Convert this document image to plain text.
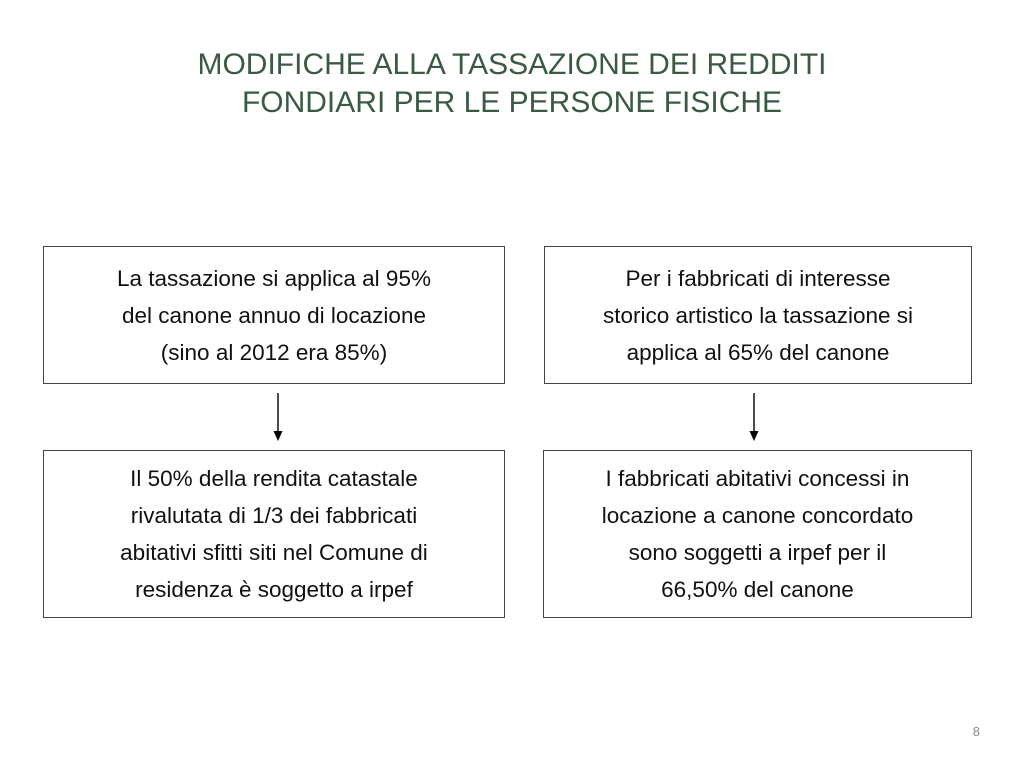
MODIFICHE ALLA TASSAZIONE DEI REDDITI
FONDIARI PER LE PERSONE FISICHE

La tassazione si applica al 95%
del canone annuo di locazione
(sino al 2012 era 85%)

Per i fabbricati di interesse
storico artistico la tassazione si
applica al 65% del canone

Il 50% della rendita catastale
rivalutata di 1/3 dei fabbricati
abitativi sfitti siti nel Comune di
residenza è soggetto a irpef

I fabbricati abitativi concessi in
locazione a canone concordato
sono soggetti a irpef per il
66,50% del canone

8
